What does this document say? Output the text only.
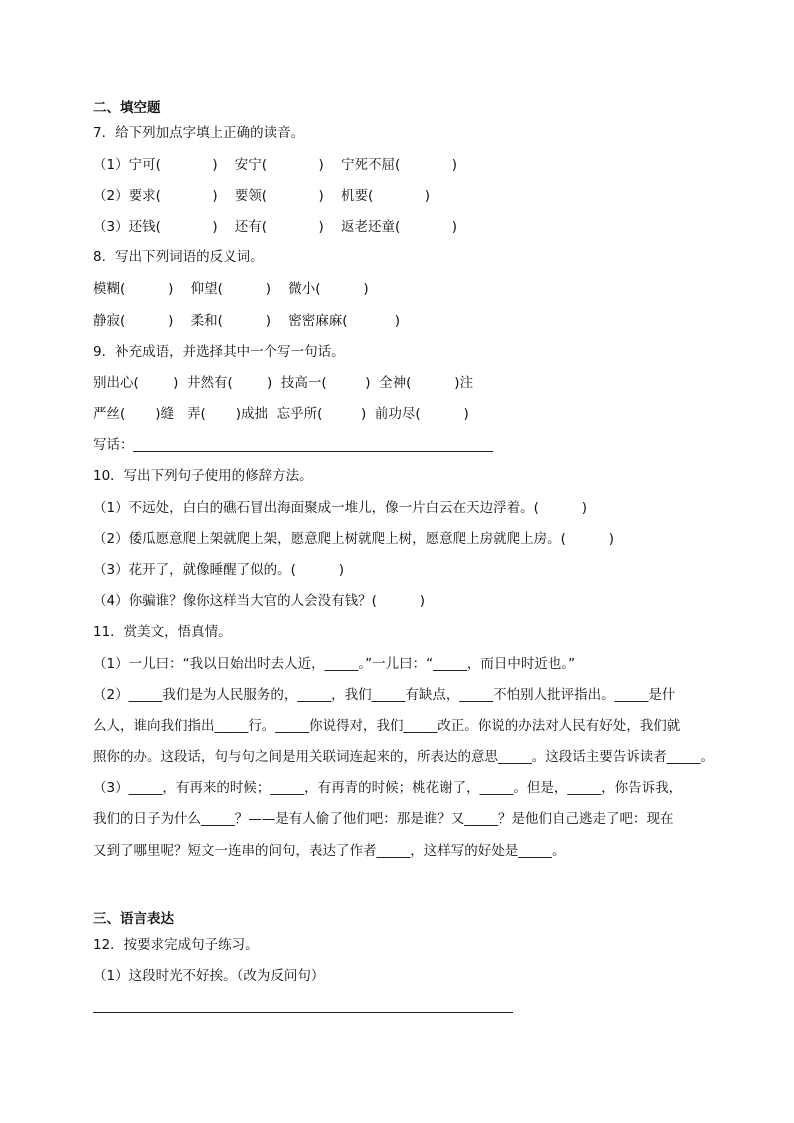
二、填空题
7．给下列加点字填上正确的读音。
（1）宁可(            )    安宁(            )    宁死不屈(            )
（2）要求(            )    要领(            )    机要(            )
（3）还钱(            )    还有(            )    返老还童(            )
8．写出下列词语的反义词。
模糊(          )    仰望(          )    微小(          )
静寂(          )    柔和(          )    密密麻麻(           )
9．补充成语，并选择其中一个写一句话。
别出心(        )  井然有(        )  技高一(         )  全神(          )注
严丝(       )缝   弄(       )成拙  忘乎所(         )  前功尽(          )
写话：
10．写出下列句子使用的修辞方法。
（1）不远处，白白的礁石冒出海面聚成一堆儿，像一片白云在天边浮着。(          )
（2）倭瓜愿意爬上架就爬上架，愿意爬上树就爬上树，愿意爬上房就爬上房。(          )
（3）花开了，就像睡醒了似的。(          )
（4）你骗谁？像你这样当大官的人会没有钱？(          )
11．赏美文，悟真情。
（1）一儿曰：“我以日始出时去人近，_____。”一儿曰：“_____，而日中时近也。”
（2）_____我们是为人民服务的，_____，我们_____有缺点，_____不怕别人批评指出。_____是什
么人，谁向我们指出_____行。_____你说得对，我们_____改正。你说的办法对人民有好处，我们就
照你的办。这段话，句与句之间是用关联词连起来的，所表达的意思_____。这段话主要告诉读者_____。
（3）_____，有再来的时候；_____，有再青的时候；桃花谢了，_____。但是，_____，你告诉我，
我们的日子为什么_____？——是有人偷了他们吧：那是谁？又_____？是他们自己逃走了吧：现在
又到了哪里呢？短文一连串的问句，表达了作者_____，这样写的好处是_____。
三、语言表达
12．按要求完成句子练习。
（1）这段时光不好挨。（改为反问句）
